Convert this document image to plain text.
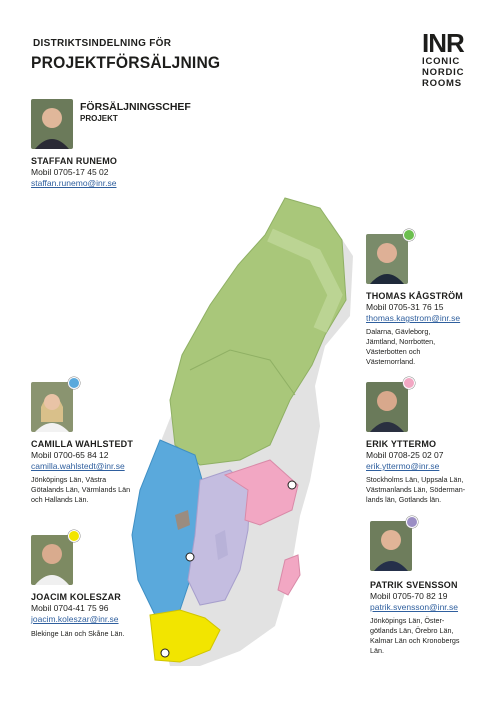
DISTRIKTSINDELNING FÖR
PROJEKTFÖRSÄLJNING
INR
ICONIC
NORDIC
ROOMS
FÖRSÄLJNINGSCHEF
PROJEKT
STAFFAN RUNEMO
Mobil 0705-17 45 02
staffan.runemo@inr.se
THOMAS KÅGSTRÖM
Mobil 0705-31 76 15
thomas.kagstrom@inr.se
Dalarna, Gävleborg,
Jämtland, Norrbotten,
Västerbotten och
Västernorrland.
CAMILLA WAHLSTEDT
Mobil 0700-65 84 12
camilla.wahlstedt@inr.se
Jönköpings Län, Västra
Götalands Län, Värmlands Län
och Hallands Län.
ERIK YTTERMO
Mobil 0708-25 02 07
erik.yttermo@inr.se
Stockholms Län, Uppsala Län,
Västmanlands Län, Söderman-
lands län, Gotlands län.
JOACIM KOLESZAR
Mobil 0704-41 75 96
joacim.koleszar@inr.se
Blekinge Län och Skåne Län.
PATRIK SVENSSON
Mobil 0705-70 82 19
patrik.svensson@inr.se
Jönköpings Län, Öster-
götlands Län, Örebro Län,
Kalmar Län och Kronobergs
Län.
